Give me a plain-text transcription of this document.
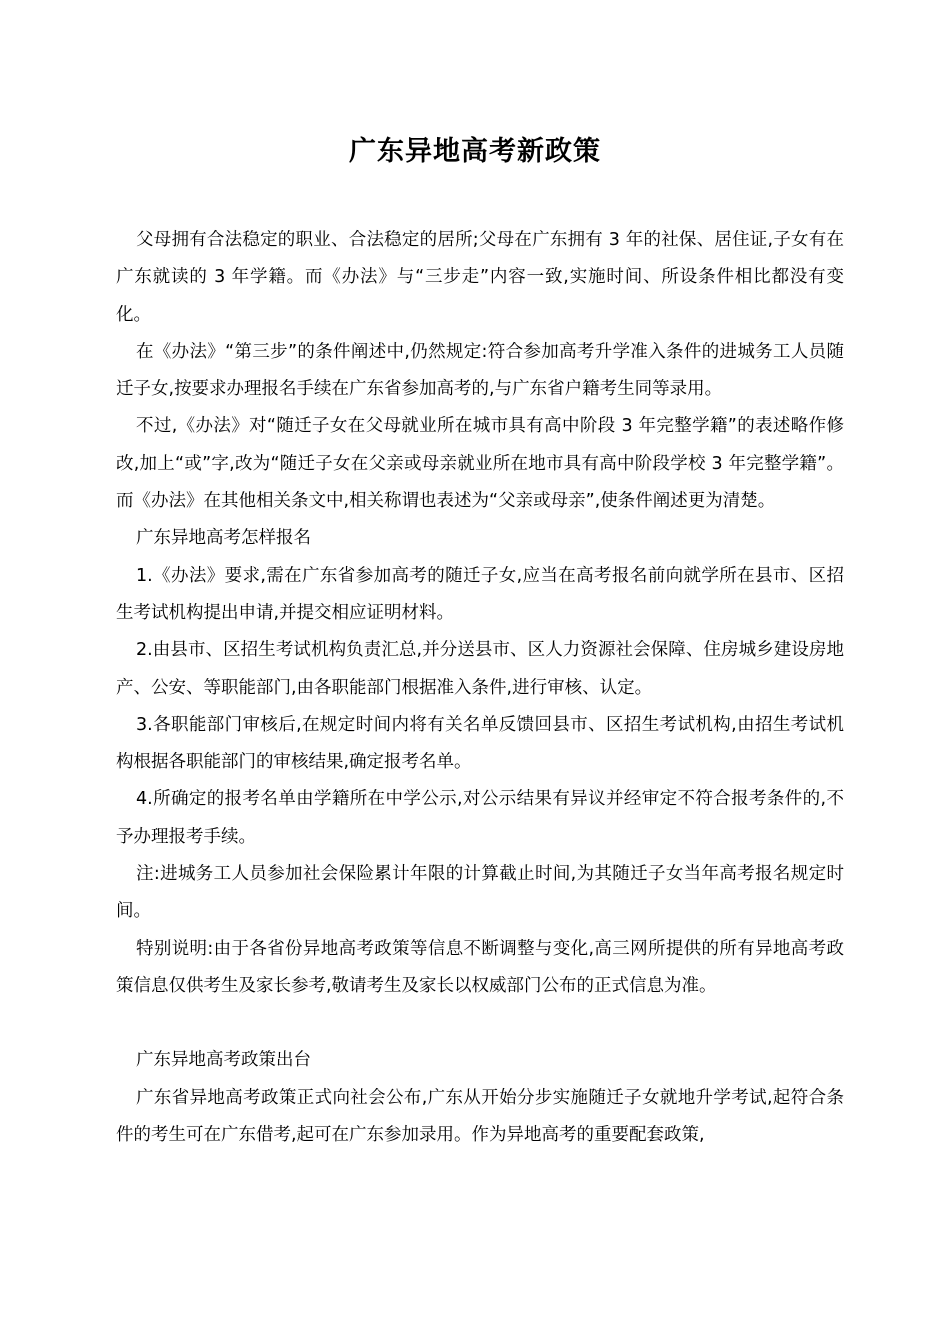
广东异地高考新政策

父母拥有合法稳定的职业、合法稳定的居所;父母在广东拥有 3 年的社保、居住证,子女有在广东就读的 3 年学籍。而《办法》与“三步走”内容一致,实施时间、所设条件相比都没有变化。

在《办法》“第三步”的条件阐述中,仍然规定:符合参加高考升学准入条件的进城务工人员随迁子女,按要求办理报名手续在广东省参加高考的,与广东省户籍考生同等录用。

不过,《办法》对“随迁子女在父母就业所在城市具有高中阶段 3 年完整学籍”的表述略作修改,加上“或”字,改为“随迁子女在父亲或母亲就业所在地市具有高中阶段学校 3 年完整学籍”。而《办法》在其他相关条文中,相关称谓也表述为“父亲或母亲”,使条件阐述更为清楚。

广东异地高考怎样报名

1.《办法》要求,需在广东省参加高考的随迁子女,应当在高考报名前向就学所在县市、区招生考试机构提出申请,并提交相应证明材料。

2.由县市、区招生考试机构负责汇总,并分送县市、区人力资源社会保障、住房城乡建设房地产、公安、等职能部门,由各职能部门根据准入条件,进行审核、认定。

3.各职能部门审核后,在规定时间内将有关名单反馈回县市、区招生考试机构,由招生考试机构根据各职能部门的审核结果,确定报考名单。

4.所确定的报考名单由学籍所在中学公示,对公示结果有异议并经审定不符合报考条件的,不予办理报考手续。

注:进城务工人员参加社会保险累计年限的计算截止时间,为其随迁子女当年高考报名规定时间。

特别说明:由于各省份异地高考政策等信息不断调整与变化,高三网所提供的所有异地高考政策信息仅供考生及家长参考,敬请考生及家长以权威部门公布的正式信息为准。

广东异地高考政策出台

广东省异地高考政策正式向社会公布,广东从开始分步实施随迁子女就地升学考试,起符合条件的考生可在广东借考,起可在广东参加录用。作为异地高考的重要配套政策,
